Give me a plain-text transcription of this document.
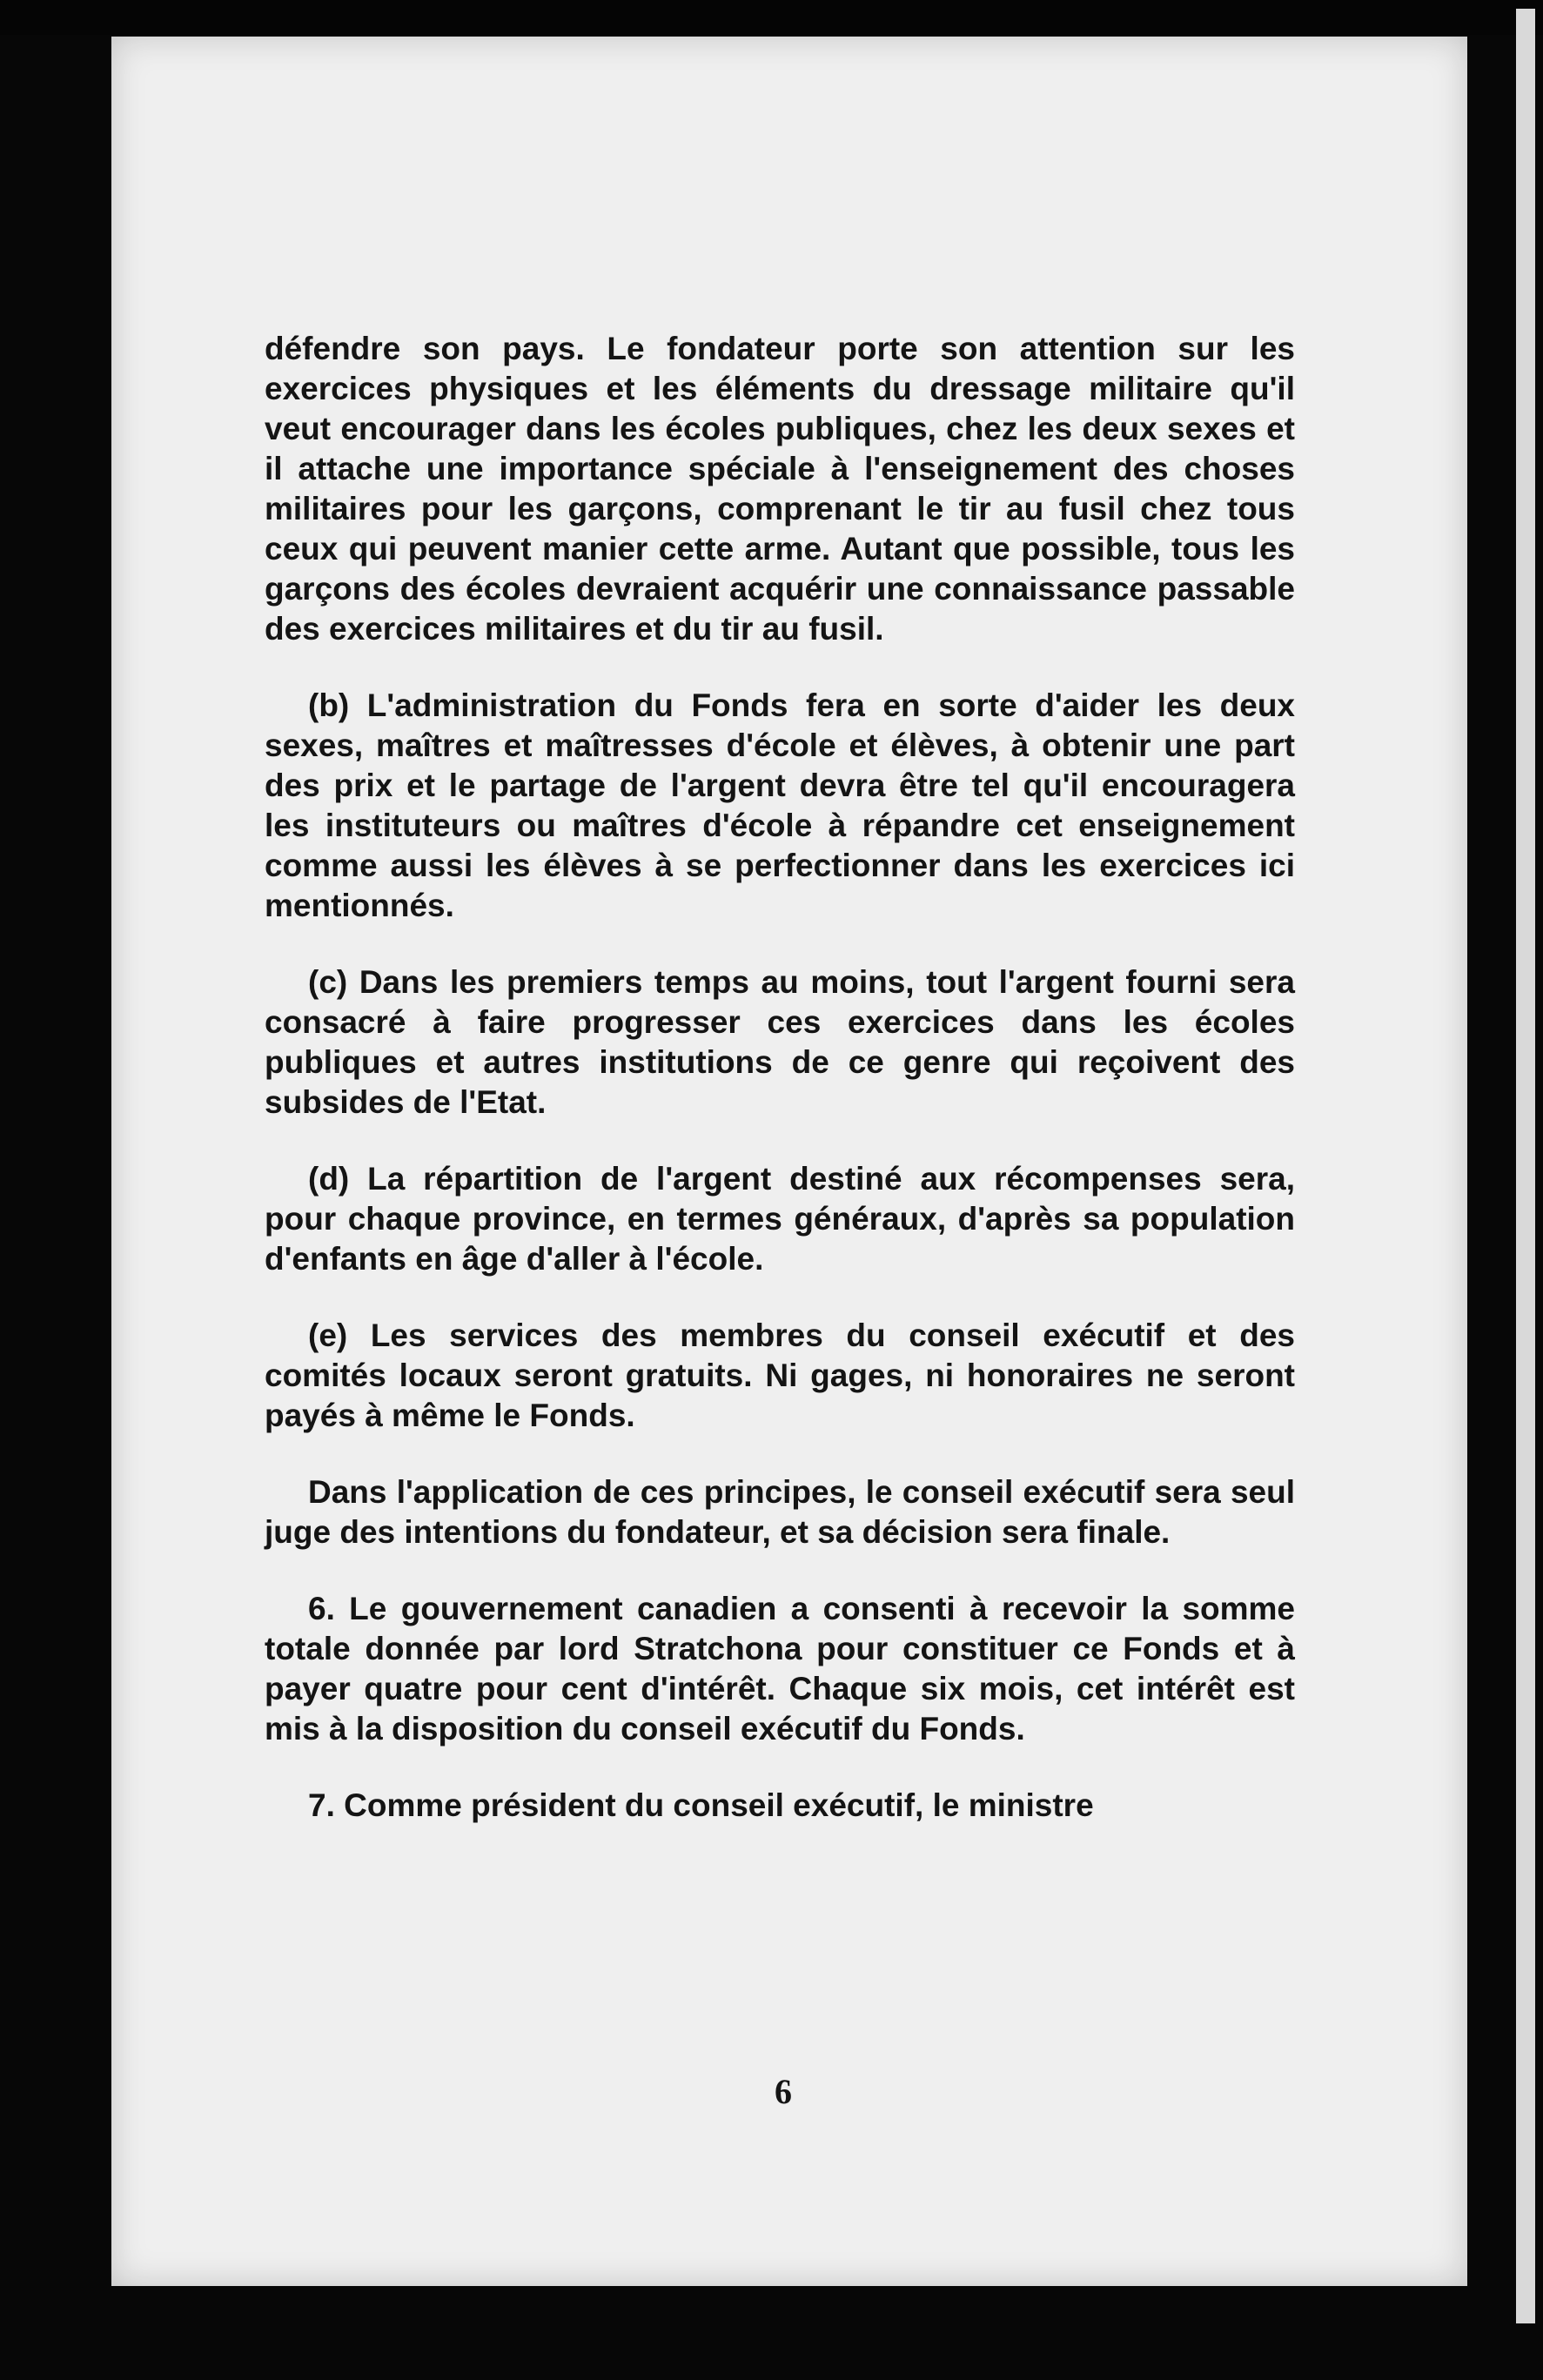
défendre son pays. Le fondateur porte son attention sur les exercices physiques et les éléments du dressage militaire qu'il veut encourager dans les écoles publiques, chez les deux sexes et il attache une importance spéciale à l'enseignement des choses militaires pour les garçons, comprenant le tir au fusil chez tous ceux qui peuvent manier cette arme. Autant que possible, tous les garçons des écoles devraient acquérir une connaissance passable des exercices militaires et du tir au fusil.

(b) L'administration du Fonds fera en sorte d'aider les deux sexes, maîtres et maîtresses d'école et élèves, à obtenir une part des prix et le partage de l'argent devra être tel qu'il encouragera les instituteurs ou maîtres d'école à répandre cet enseignement comme aussi les élèves à se perfectionner dans les exercices ici mentionnés.

(c) Dans les premiers temps au moins, tout l'argent fourni sera consacré à faire progresser ces exercices dans les écoles publiques et autres institutions de ce genre qui reçoivent des subsides de l'Etat.

(d) La répartition de l'argent destiné aux récompenses sera, pour chaque province, en termes généraux, d'après sa population d'enfants en âge d'aller à l'école.

(e) Les services des membres du conseil exécutif et des comités locaux seront gratuits. Ni gages, ni honoraires ne seront payés à même le Fonds.

Dans l'application de ces principes, le conseil exécutif sera seul juge des intentions du fondateur, et sa décision sera finale.

6. Le gouvernement canadien a consenti à recevoir la somme totale donnée par lord Stratchona pour constituer ce Fonds et à payer quatre pour cent d'intérêt. Chaque six mois, cet intérêt est mis à la disposition du conseil exécutif du Fonds.

7. Comme président du conseil exécutif, le ministre

6
